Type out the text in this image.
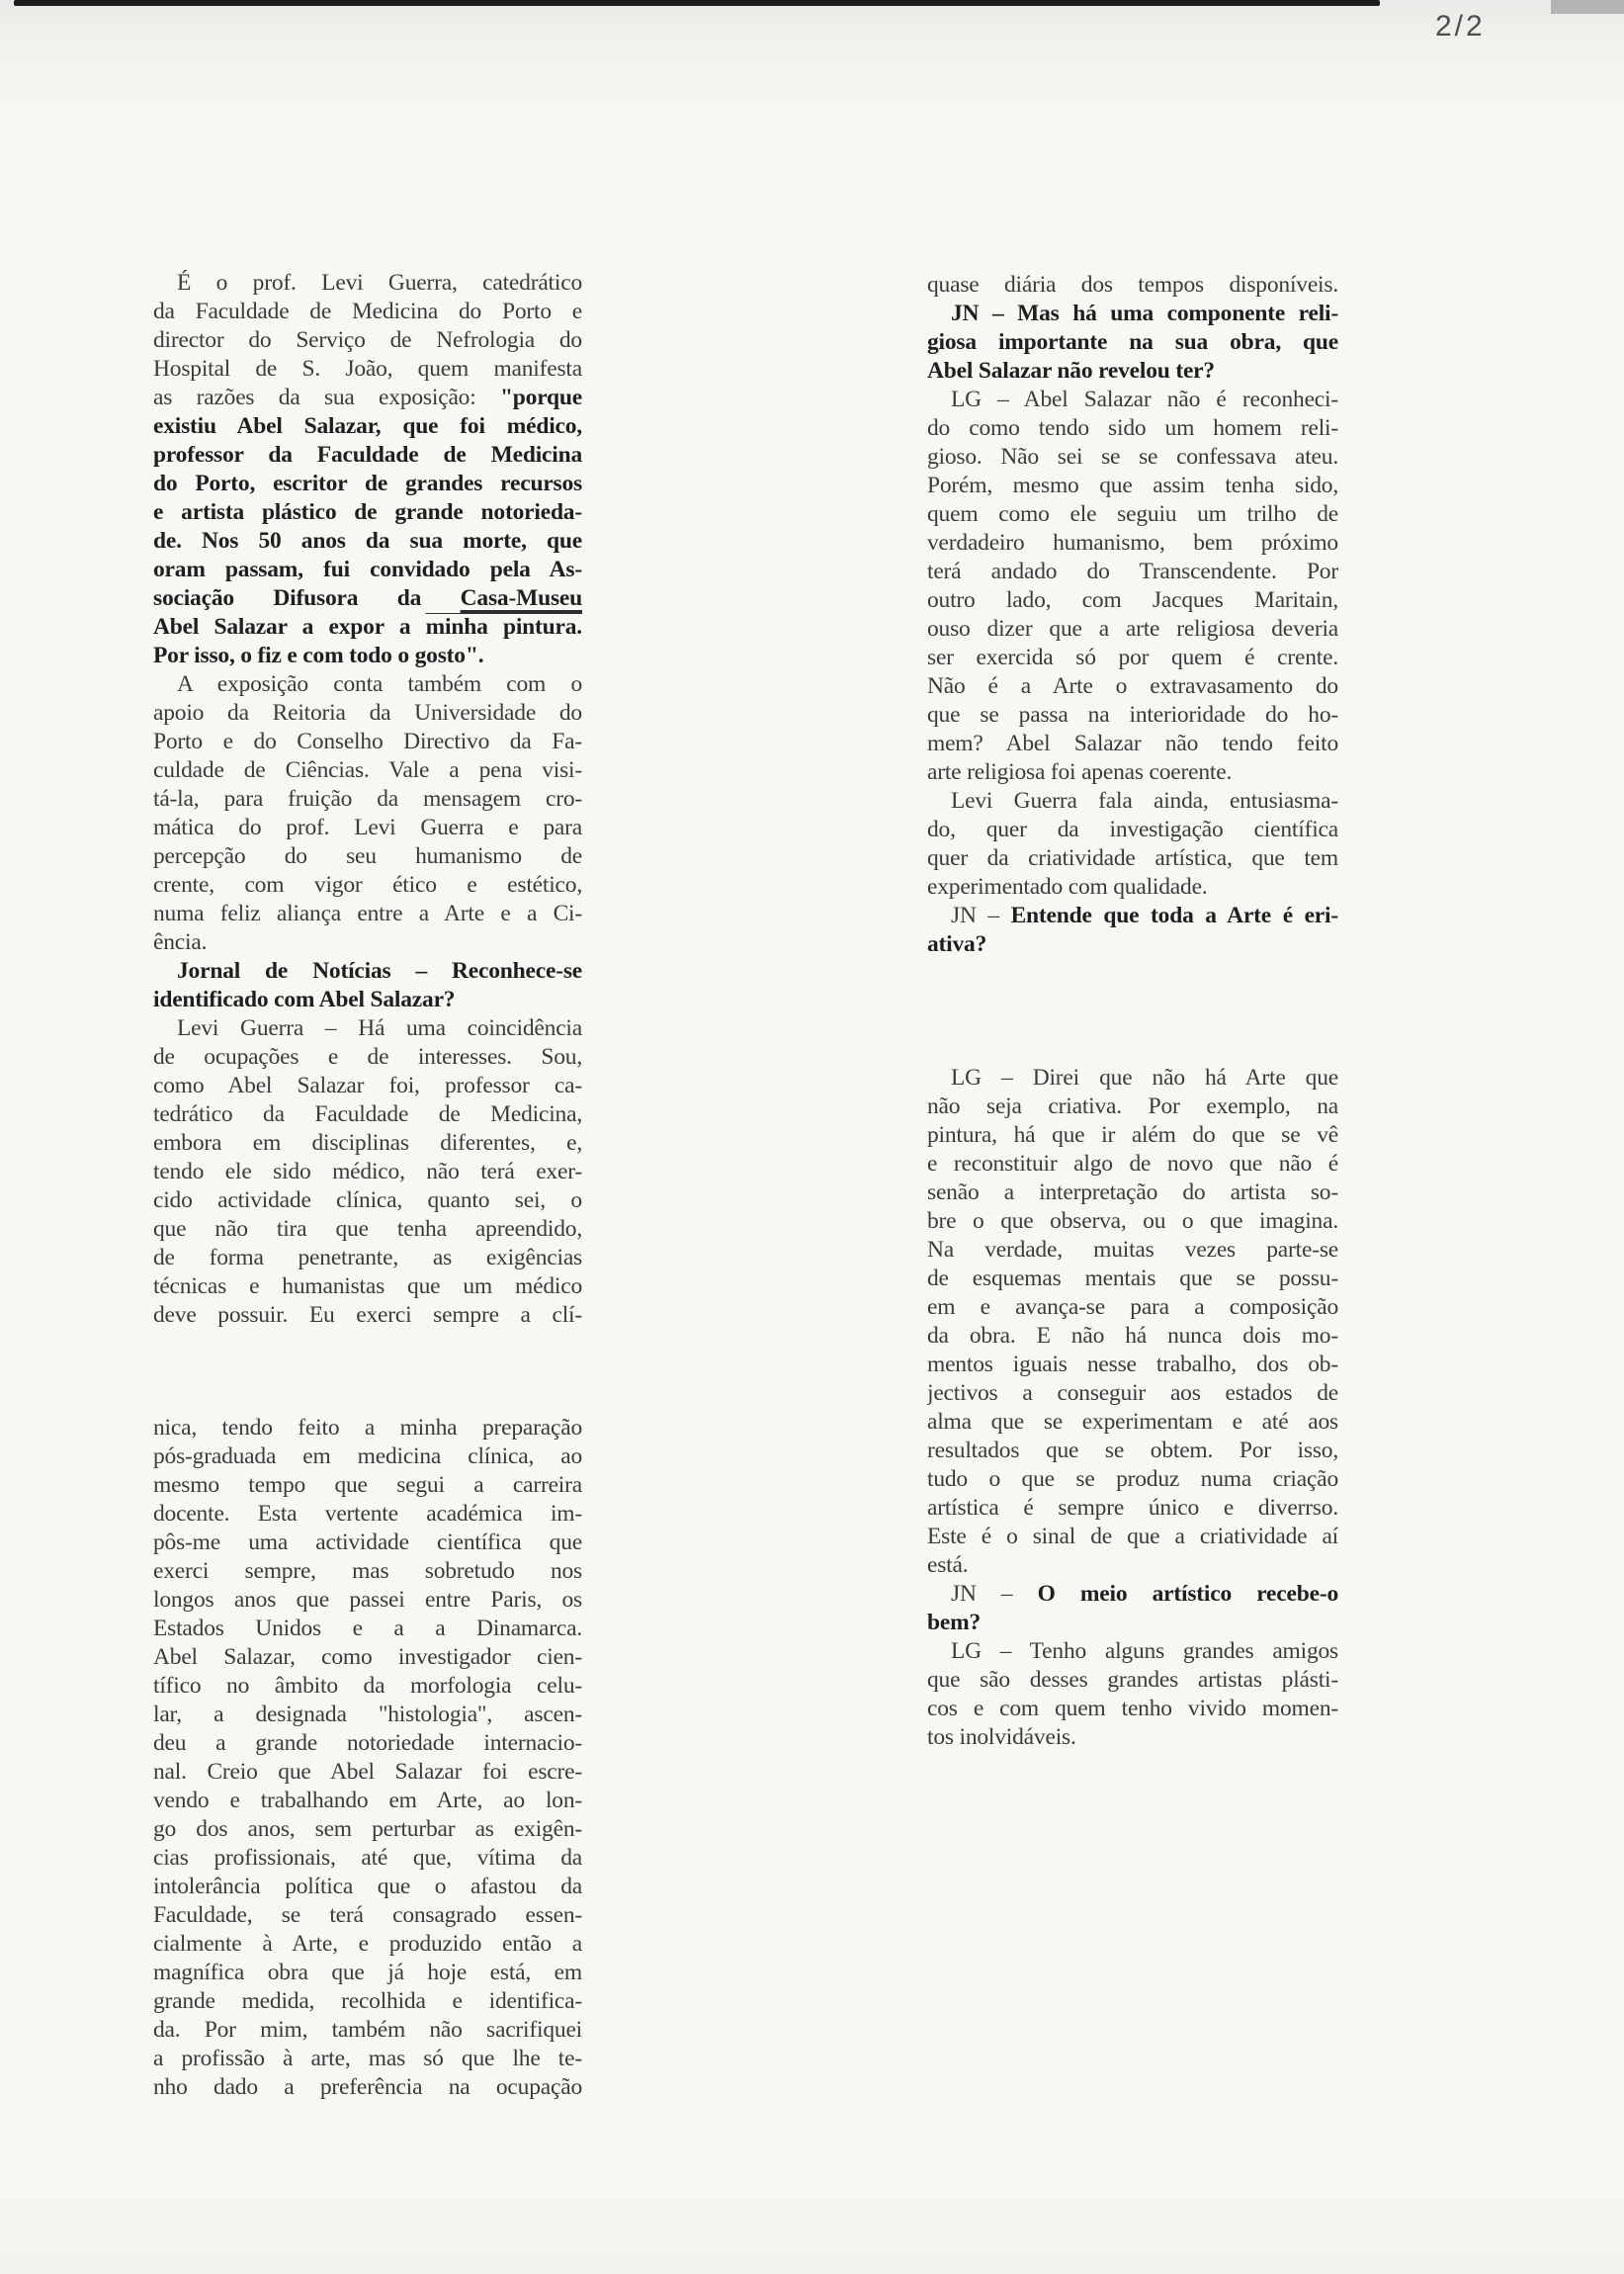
2/2
É o prof. Levi Guerra, catedrático
da Faculdade de Medicina do Porto e
director do Serviço de Nefrologia do
Hospital de S. João, quem manifesta
as razões da sua exposição: "porque
existiu Abel Salazar, que foi médico,
professor da Faculdade de Medicina
do Porto, escritor de grandes recursos
e artista plástico de grande notorieda-
de. Nos 50 anos da sua morte, que
oram passam, fui convidado pela As-
sociação Difusora da Casa-Museu
Abel Salazar a expor a minha pintura.
Por isso, o fiz e com todo o gosto".
A exposição conta também com o
apoio da Reitoria da Universidade do
Porto e do Conselho Directivo da Fa-
culdade de Ciências. Vale a pena visi-
tá-la, para fruição da mensagem cro-
mática do prof. Levi Guerra e para
percepção do seu humanismo de
crente, com vigor ético e estético,
numa feliz aliança entre a Arte e a Ci-
ência.
Jornal de Notícias – Reconhece-se
identificado com Abel Salazar?
Levi Guerra – Há uma coincidência
de ocupações e de interesses. Sou,
como Abel Salazar foi, professor ca-
tedrático da Faculdade de Medicina,
embora em disciplinas diferentes, e,
tendo ele sido médico, não terá exer-
cido actividade clínica, quanto sei, o
que não tira que tenha apreendido,
de forma penetrante, as exigências
técnicas e humanistas que um médico
deve possuir. Eu exerci sempre a clí-
nica, tendo feito a minha preparação
pós-graduada em medicina clínica, ao
mesmo tempo que segui a carreira
docente. Esta vertente académica im-
pôs-me uma actividade científica que
exerci sempre, mas sobretudo nos
longos anos que passei entre Paris, os
Estados Unidos e a a Dinamarca.
Abel Salazar, como investigador cien-
tífico no âmbito da morfologia celu-
lar, a designada "histologia", ascen-
deu a grande notoriedade internacio-
nal. Creio que Abel Salazar foi escre-
vendo e trabalhando em Arte, ao lon-
go dos anos, sem perturbar as exigên-
cias profissionais, até que, vítima da
intolerância política que o afastou da
Faculdade, se terá consagrado essen-
cialmente à Arte, e produzido então a
magnífica obra que já hoje está, em
grande medida, recolhida e identifica-
da. Por mim, também não sacrifiquei
a profissão à arte, mas só que lhe te-
nho dado a preferência na ocupação
quase diária dos tempos disponíveis.
JN – Mas há uma componente reli-
giosa importante na sua obra, que
Abel Salazar não revelou ter?
LG – Abel Salazar não é reconheci-
do como tendo sido um homem reli-
gioso. Não sei se se confessava ateu.
Porém, mesmo que assim tenha sido,
quem como ele seguiu um trilho de
verdadeiro humanismo, bem próximo
terá andado do Transcendente. Por
outro lado, com Jacques Maritain,
ouso dizer que a arte religiosa deveria
ser exercida só por quem é crente.
Não é a Arte o extravasamento do
que se passa na interioridade do ho-
mem? Abel Salazar não tendo feito
arte religiosa foi apenas coerente.
Levi Guerra fala ainda, entusiasma-
do, quer da investigação científica
quer da criatividade artística, que tem
experimentado com qualidade.
JN – Entende que toda a Arte é eri-
ativa?
LG – Direi que não há Arte que
não seja criativa. Por exemplo, na
pintura, há que ir além do que se vê
e reconstituir algo de novo que não é
senão a interpretação do artista so-
bre o que observa, ou o que imagina.
Na verdade, muitas vezes parte-se
de esquemas mentais que se possu-
em e avança-se para a composição
da obra. E não há nunca dois mo-
mentos iguais nesse trabalho, dos ob-
jectivos a conseguir aos estados de
alma que se experimentam e até aos
resultados que se obtem. Por isso,
tudo o que se produz numa criação
artística é sempre único e diverrso.
Este é o sinal de que a criatividade aí
está.
JN – O meio artístico recebe-o
bem?
LG – Tenho alguns grandes amigos
que são desses grandes artistas plásti-
cos e com quem tenho vivido momen-
tos inolvidáveis.
